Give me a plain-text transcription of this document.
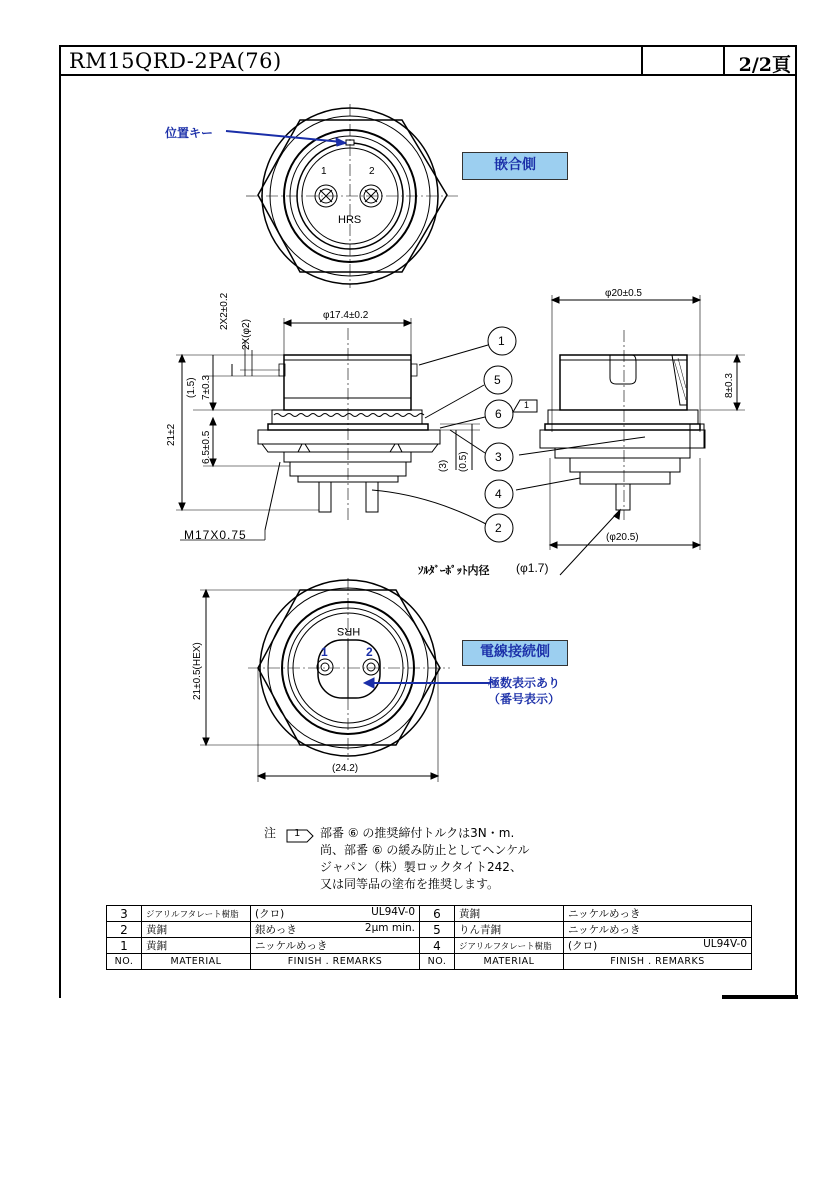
RM15QRD-2PA(76)	2/2頁
位置キー
嵌合側
1	2
HRS
φ17.4±0.2
2X2±0.2
2X(φ2)
(1.5) 7±0.3
21±2 6.5±0.5
(3) (0.5)
M17X0.75
1
5
6
1
3
4
2
φ20±0.5
8±0.3
(φ20.5)
ｿﾙﾀﾞｰﾎﾟｯﾄ内径 (φ1.7)
電線接続側
極数表示あり
（番号表示）
1	2
HRS
21±0.5(HEX)
(24.2)
注 1 部番 ⑥ の推奨締付トルクは3N・m.
尚、部番 ⑥ の緩み防止としてヘンケル
ジャパン（株）製ロックタイト242、
又は同等品の塗布を推奨します。
3	ジアリルフタレート樹脂	(クロ) UL94V-0	6	黄銅	ニッケルめっき

2	黄銅	銀めっき 2μm min.	5	りん青銅	ニッケルめっき

1	黄銅	ニッケルめっき	4	ジアリルフタレート樹脂	(クロ) UL94V-0

NO.	MATERIAL	FINISH . REMARKS	NO.	MATERIAL	FINISH . REMARKS
